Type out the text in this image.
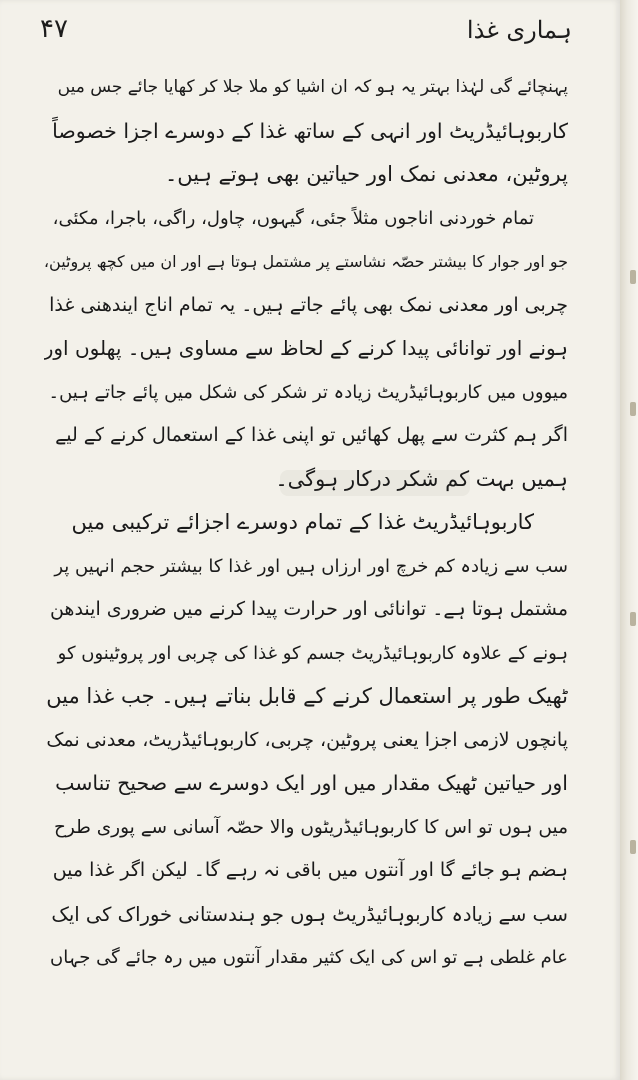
ہماری غذا
۴۷
پہنچائے گی لہٰذا بہتر یہ ہو کہ ان اشیا کو ملا جلا کر کھایا جائے جس میں
کاربوہائیڈریٹ اور انہی کے ساتھ غذا کے دوسرے اجزا خصوصاً
پروٹین، معدنی نمک اور حیاتین بھی ہوتے ہیں۔
تمام خوردنی اناجوں مثلاً جئی، گیہوں، چاول، راگی، باجرا، مکئی،
جو اور جوار کا بیشتر حصّہ نشاستے پر مشتمل ہوتا ہے اور ان میں کچھ پروٹین،
چربی اور معدنی نمک بھی پائے جاتے ہیں۔ یہ تمام اناج ایندھنی غذا
ہونے اور توانائی پیدا کرنے کے لحاظ سے مساوی ہیں۔ پھلوں اور
میووں میں کاربوہائیڈریٹ زیادہ تر شکر کی شکل میں پائے جاتے ہیں۔
اگر ہم کثرت سے پھل کھائیں تو اپنی غذا کے استعمال کرنے کے لیے
ہمیں بہت کم شکر درکار ہوگی۔
کاربوہائیڈریٹ غذا کے تمام دوسرے اجزائے ترکیبی میں
سب سے زیادہ کم خرچ اور ارزاں ہیں اور غذا کا بیشتر حجم انہیں پر
مشتمل ہوتا ہے۔ توانائی اور حرارت پیدا کرنے میں ضروری ایندھن
ہونے کے علاوہ کاربوہائیڈریٹ جسم کو غذا کی چربی اور پروٹینوں کو
ٹھیک طور پر استعمال کرنے کے قابل بناتے ہیں۔ جب غذا میں
پانچوں لازمی اجزا یعنی پروٹین، چربی، کاربوہائیڈریٹ، معدنی نمک
اور حیاتین ٹھیک مقدار میں اور ایک دوسرے سے صحیح تناسب
میں ہوں تو اس کا کاربوہائیڈریٹوں والا حصّہ آسانی سے پوری طرح
ہضم ہو جائے گا اور آنتوں میں باقی نہ رہے گا۔ لیکن اگر غذا میں
سب سے زیادہ کاربوہائیڈریٹ ہوں جو ہندستانی خوراک کی ایک
عام غلطی ہے تو اس کی ایک کثیر مقدار آنتوں میں رہ جائے گی جہاں
